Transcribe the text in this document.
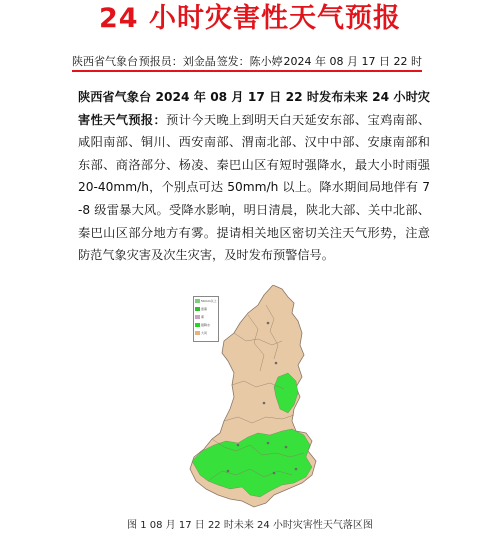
24 小时灾害性天气预报
陕西省气象台 预报员：刘金晶 签发：陈小婷 2024 年 08 月 17 日 22 时
陕西省气象台 2024 年 08 月 17 日 22 时发布未来 24 小时灾害性天气预报：预计今天晚上到明天白天延安东部、宝鸡南部、咸阳南部、铜川、西安南部、渭南北部、汉中中部、安康南部和东部、商洛部分、杨凌、秦巴山区有短时强降水，最大小时雨强 20-40mm/h，个别点可达 50mm/h 以上。降水期间局地伴有 7-8 级雷暴大风。受降水影响，明日清晨，陕北大部、关中北部、秦巴山区部分地方有雾。提请相关地区密切关注天气形势，注意防范气象灾害及次生灾害，及时发布预警信号。
50mm以上
雷暴
雾
强降水
大风
图 1 08 月 17 日 22 时未来 24 小时灾害性天气落区图
